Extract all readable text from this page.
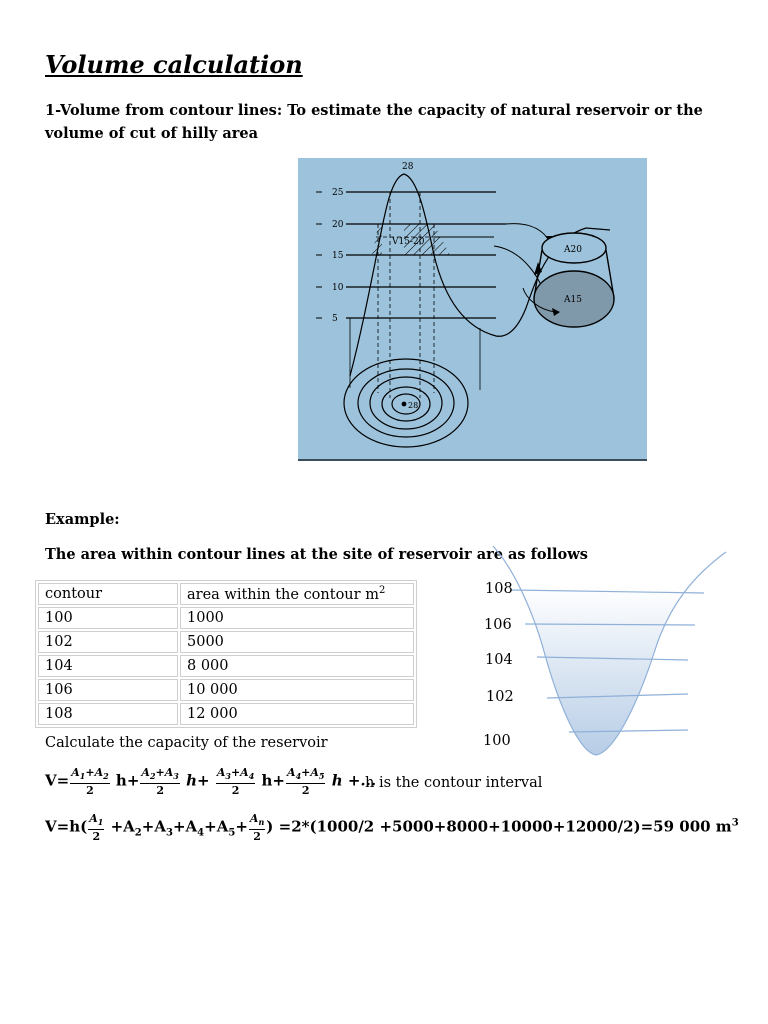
Volume calculation
1-Volume from contour lines: To estimate the capacity of natural reservoir or the
volume of cut of hilly area
25
20
15
10
5
28
V15-20
A20
A15
28
Example:
The area within contour lines at the site of reservoir are as follows
contour	area within the contour $m^2$
100	1000
102	5000
104	8 000
106	10 000
108	12 000
108
106
104
102
100
Calculate the capacity of the reservoir
$V= \frac{A_1+A_2}{2} h+ \frac{A_2+A_3}{2} h+ \frac{A_3+A_4}{2} h+ \frac{A_4+A_5}{2}$ h +...
h is the contour interval
$V=h( \frac{A_1}{2} +A_2+A_3+A_4+A_5+ \frac{A_n}{2}$ ) =2*(1000/2 +5000+8000+10000+12000/2)=59 000 $m^3$
